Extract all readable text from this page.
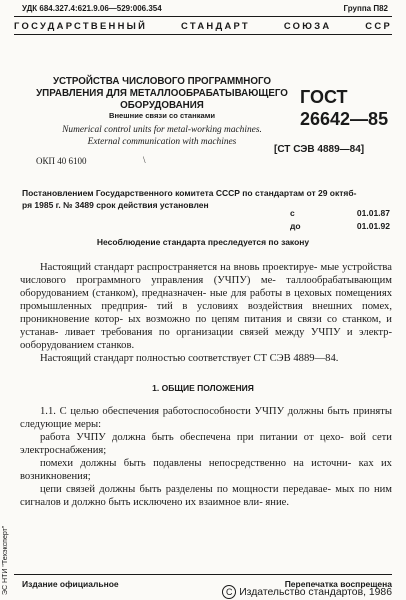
УДК 684.327.4:621.9.06—529:006.354	Группа П82
ГОСУДАРСТВЕННЫЙ	СТАНДАРТ	СОЮЗА	ССР
УСТРОЙСТВА ЧИСЛОВОГО ПРОГРАММНОГО
УПРАВЛЕНИЯ ДЛЯ МЕТАЛЛООБРАБАТЫВАЮЩЕГО
ОБОРУДОВАНИЯ
Внешние связи со станками
Numerical control units for metal-working machines.
External communication with machines
ГОСТ
26642—85
[СТ СЭВ 4889—84]
ОКП 40 6100	\
Постановлением Государственного комитета СССР по стандартам от 29 октяб-
ря 1985 г. № 3489 срок действия установлен
с	01.01.87
до	01.01.92
Несоблюдение стандарта преследуется по закону

Настоящий стандарт распространяется на вновь проектируе- мые устройства числового программного управления (УЧПУ) ме- таллообрабатывающим оборудованием (станком), предназначен- ные для работы в цеховых помещениях промышленных предприя- тий в условиях воздействия внешних помех, проникновение котор- ых возможно по цепям питания и связи со станком, и устанав- ливает требования по организации связей между УЧПУ и электр- ооборудованием станков.

Настоящий стандарт полностью соответствует СТ СЭВ 4889—84.

1. ОБЩИЕ ПОЛОЖЕНИЯ

1.1. С целью обеспечения работоспособности УЧПУ должны быть приняты следующие меры:

работа УЧПУ должна быть обеспечена при питании от цехо- вой сети электроснабжения;

помехи должны быть подавлены непосредственно на источни- ках их возникновения;

цепи связей должны быть разделены по мощности передавае- мых по ним сигналов и должно быть исключено их взаимное вли- яние.

ЭС НТИ "Техэксперт"	Издание официальное	Перепечатка воспрещена
C Издательство стандартов, 1986
